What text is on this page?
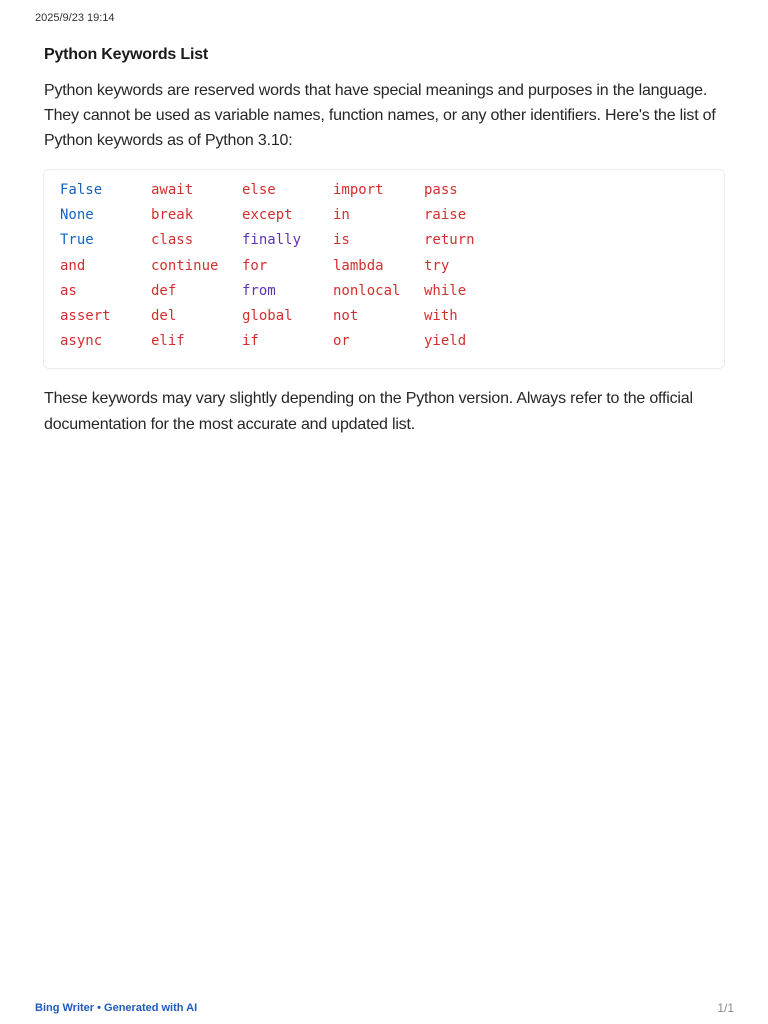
2025/9/23 19:14
Python Keywords List
Python keywords are reserved words that have special meanings and purposes in the language. They cannot be used as variable names, function names, or any other identifiers. Here's the list of Python keywords as of Python 3.10:
False	await	else	import	pass
None	break	except	in	raise
True	class	finally	is	return
and	continue	for	lambda	try
as	def	from	nonlocal	while
assert	del	global	not	with
async	elif	if	or	yield
These keywords may vary slightly depending on the Python version. Always refer to the official documentation for the most accurate and updated list.
Bing Writer • Generated with AI	1/1
